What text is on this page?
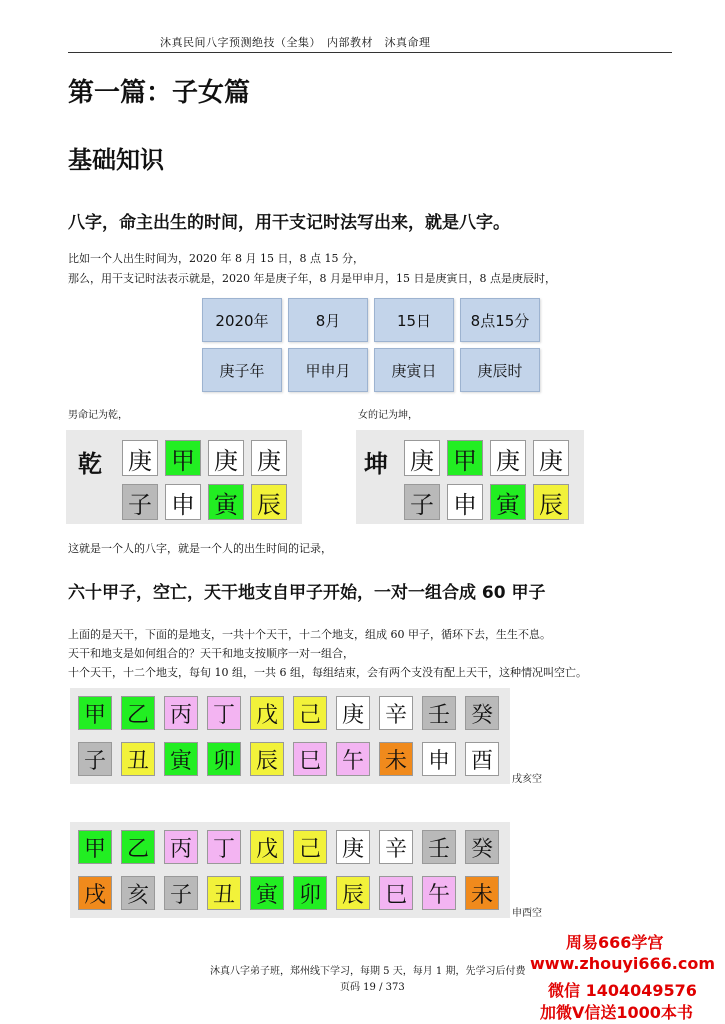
沐真民间八字预测绝技（全集）　内部教材　沐真命理
第一篇：子女篇
基础知识
八字，命主出生的时间，用干支记时法写出来，就是八字。
比如一个人出生时间为，2020 年 8 月 15 日，8 点 15 分，
那么，用干支记时法表示就是，2020 年是庚子年，8 月是甲申月，15 日是庚寅日，8 点是庚辰时，
2020年	8月	15日	8点15分
庚子年	甲申月	庚寅日	庚辰时
男命记为乾，	女的记为坤，
乾 庚 甲 庚 庚
子 申 寅 辰
坤 庚 甲 庚 庚
子 申 寅 辰
这就是一个人的八字，就是一个人的出生时间的记录，
六十甲子，空亡，天干地支自甲子开始，一对一组合成 60 甲子
上面的是天干，下面的是地支，一共十个天干，十二个地支，组成 60 甲子，循环下去，生生不息。
天干和地支是如何组合的？天干和地支按顺序一对一组合，
十个天干，十二个地支，每旬 10 组，一共 6 组，每组结束，会有两个支没有配上天干，这种情况叫空亡。
甲 乙 丙 丁 戊 己 庚 辛 壬 癸
子 丑 寅 卯 辰 巳 午 未 申 酉
戌亥空
甲 乙 丙 丁 戊 己 庚 辛 壬 癸
戌 亥 子 丑 寅 卯 辰 巳 午 未
申酉空
沐真八字弟子班，郑州线下学习，每期 5 天，每月 1 期，先学习后付费
页码 19 / 373
周易666学宫
www.zhouyi666.com
微信 1404049576
加微V信送1000本书
